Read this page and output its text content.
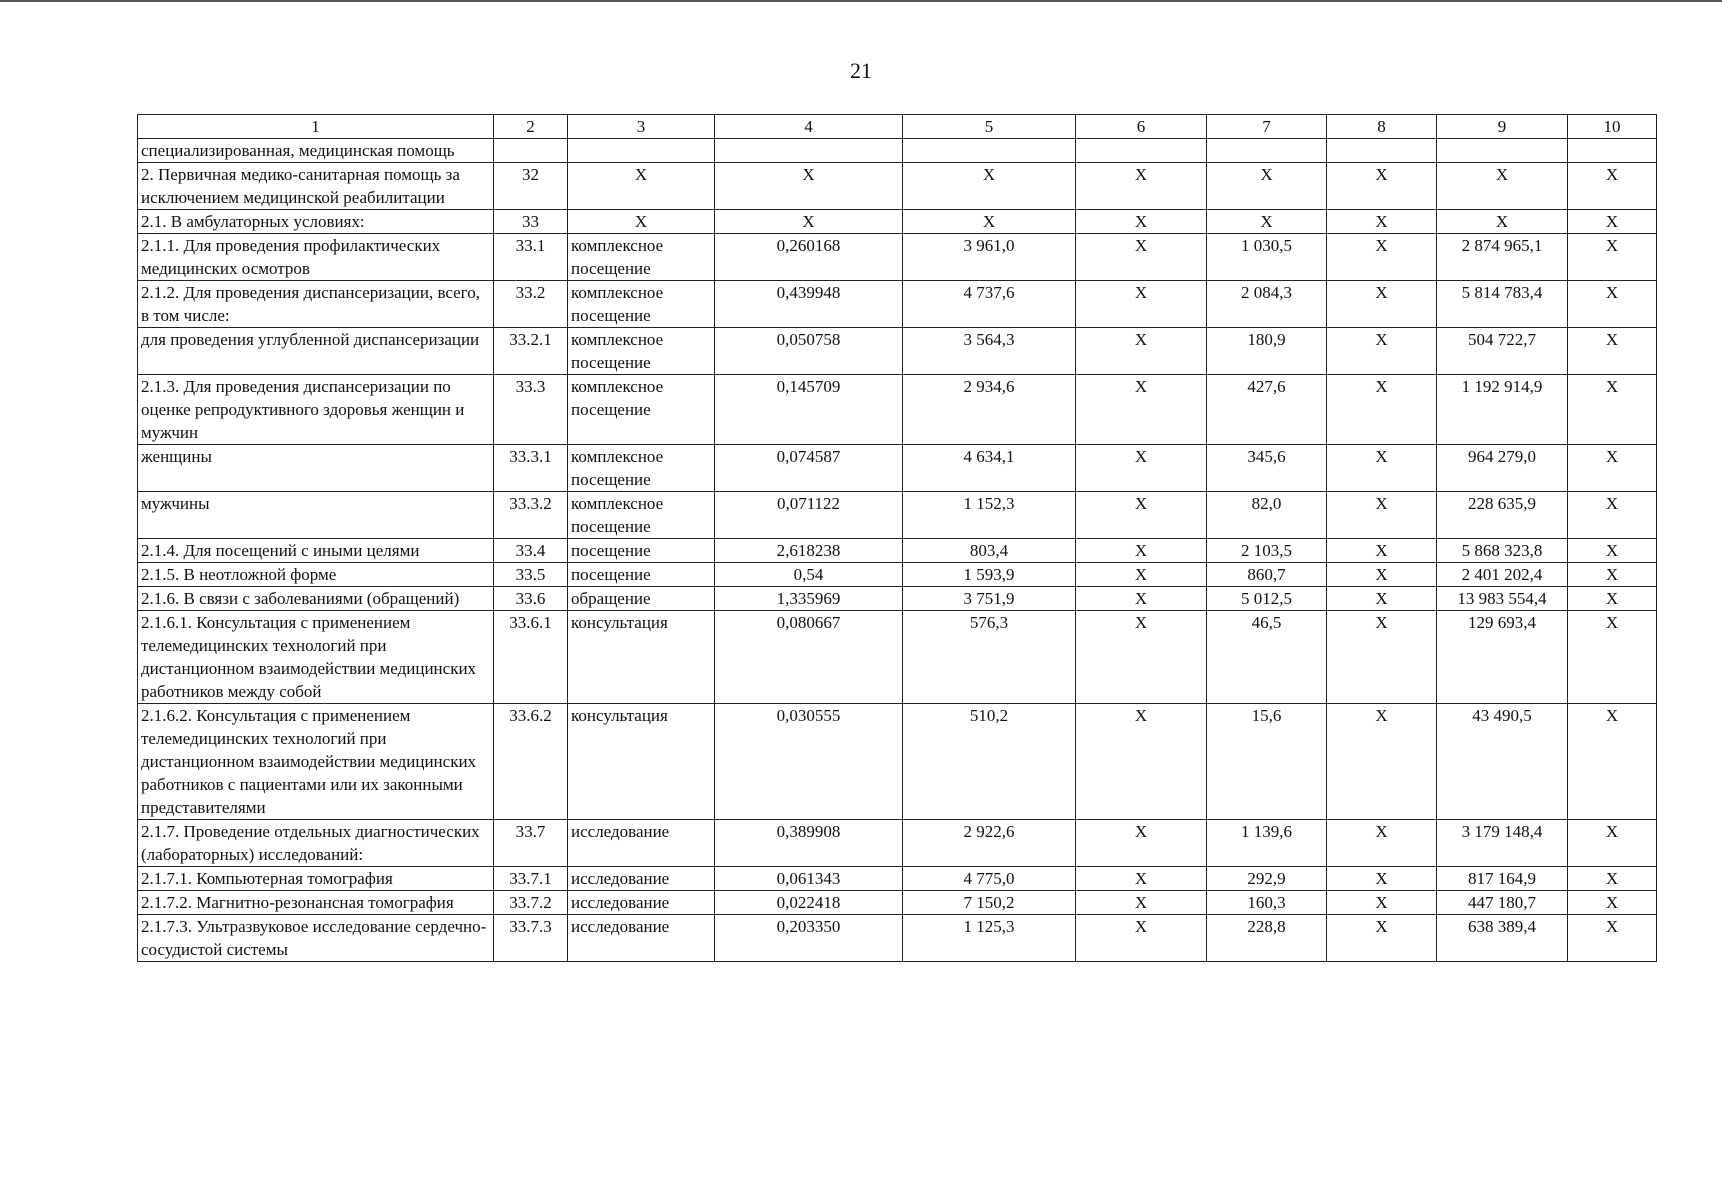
21
1	2	3	4	5	6	7	8	9	10
специализированная, медицинская помощь									
2. Первичная медико-санитарная помощь за исключением медицинской реабилитации	32	X	X	X	X	X	X	X	X
2.1. В амбулаторных условиях:	33	X	X	X	X	X	X	X	X
2.1.1. Для проведения профилактических медицинских осмотров	33.1	комплексное посещение	0,260168	3 961,0	X	1 030,5	X	2 874 965,1	X
2.1.2. Для проведения диспансеризации, всего, в том числе:	33.2	комплексное посещение	0,439948	4 737,6	X	2 084,3	X	5 814 783,4	X
для проведения углубленной диспансеризации	33.2.1	комплексное посещение	0,050758	3 564,3	X	180,9	X	504 722,7	X
2.1.3. Для проведения диспансеризации по оценке репродуктивного здоровья женщин и мужчин	33.3	комплексное посещение	0,145709	2 934,6	X	427,6	X	1 192 914,9	X
женщины	33.3.1	комплексное посещение	0,074587	4 634,1	X	345,6	X	964 279,0	X
мужчины	33.3.2	комплексное посещение	0,071122	1 152,3	X	82,0	X	228 635,9	X
2.1.4. Для посещений с иными целями	33.4	посещение	2,618238	803,4	X	2 103,5	X	5 868 323,8	X
2.1.5. В неотложной форме	33.5	посещение	0,54	1 593,9	X	860,7	X	2 401 202,4	X
2.1.6. В связи с заболеваниями (обращений)	33.6	обращение	1,335969	3 751,9	X	5 012,5	X	13 983 554,4	X
2.1.6.1. Консультация с применением телемедицинских технологий при дистанционном взаимодействии медицинских работников между собой	33.6.1	консультация	0,080667	576,3	X	46,5	X	129 693,4	X
2.1.6.2. Консультация с применением телемедицинских технологий при дистанционном взаимодействии медицинских работников с пациентами или их законными представителями	33.6.2	консультация	0,030555	510,2	X	15,6	X	43 490,5	X
2.1.7. Проведение отдельных диагностических (лабораторных) исследований:	33.7	исследование	0,389908	2 922,6	X	1 139,6	X	3 179 148,4	X
2.1.7.1. Компьютерная томография	33.7.1	исследование	0,061343	4 775,0	X	292,9	X	817 164,9	X
2.1.7.2. Магнитно-резонансная томография	33.7.2	исследование	0,022418	7 150,2	X	160,3	X	447 180,7	X
2.1.7.3. Ультразвуковое исследование сердечно-сосудистой системы	33.7.3	исследование	0,203350	1 125,3	X	228,8	X	638 389,4	X
